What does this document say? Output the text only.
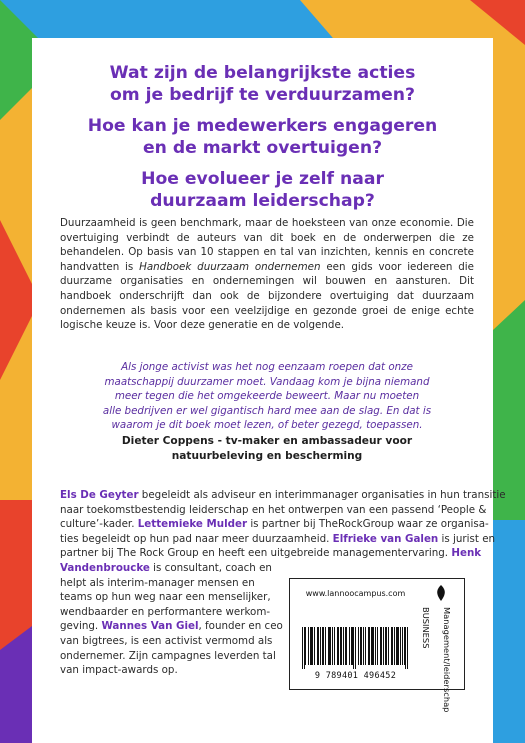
Wat zijn de belangrijkste acties
om je bedrijf te verduurzamen?

Hoe kan je medewerkers engageren
en de markt overtuigen?

Hoe evolueer je zelf naar
duurzaam leiderschap?

Duurzaamheid is geen benchmark, maar de hoeksteen van onze economie. Die overtuiging verbindt de auteurs van dit boek en de onderwerpen die ze behandelen. Op basis van 10 stappen en tal van inzichten, kennis en concrete handvatten is Handboek duurzaam ondernemen een gids voor iedereen die duurzame organisaties en ondernemingen wil bouwen en aansturen. Dit handboek onderschrijft dan ook de bijzondere overtuiging dat duurzaam ondernemen als basis voor een veelzijdige en gezonde groei de enige echte logische keuze is. Voor deze generatie en de volgende.
Als jonge activist was het nog eenzaam roepen dat onze
maatschappij duurzamer moet. Vandaag kom je bijna niemand
meer tegen die het omgekeerde beweert. Maar nu moeten
alle bedrijven er wel gigantisch hard mee aan de slag. En dat is
waarom je dit boek moet lezen, of beter gezegd, toepassen.
Dieter Coppens - tv-maker en ambassadeur voor
natuurbeleving en bescherming
Els De Geyter begeleidt als adviseur en interimmanager organisaties in hun transitie
naar toekomstbestendig leiderschap en het ontwerpen van een passend ‘People &
culture’-kader. Lettemieke Mulder is partner bij TheRockGroup waar ze organisa-
ties begeleidt op hun pad naar meer duurzaamheid. Elfrieke van Galen is jurist en
partner bij The Rock Group en heeft een uitgebreide managementervaring. Henk
Vandenbroucke is consultant, coach en
helpt als interim-manager mensen en
teams op hun weg naar een menselijker,
wendbaarder en performantere werkom-
geving. Wannes Van Giel, founder en ceo
van bigtrees, is een activist vermomd als
ondernemer. Zijn campagnes leverden tal
van impact-awards op.
www.lannoocampus.com
9 789401 496452
BUSINESS Management/leiderschap
